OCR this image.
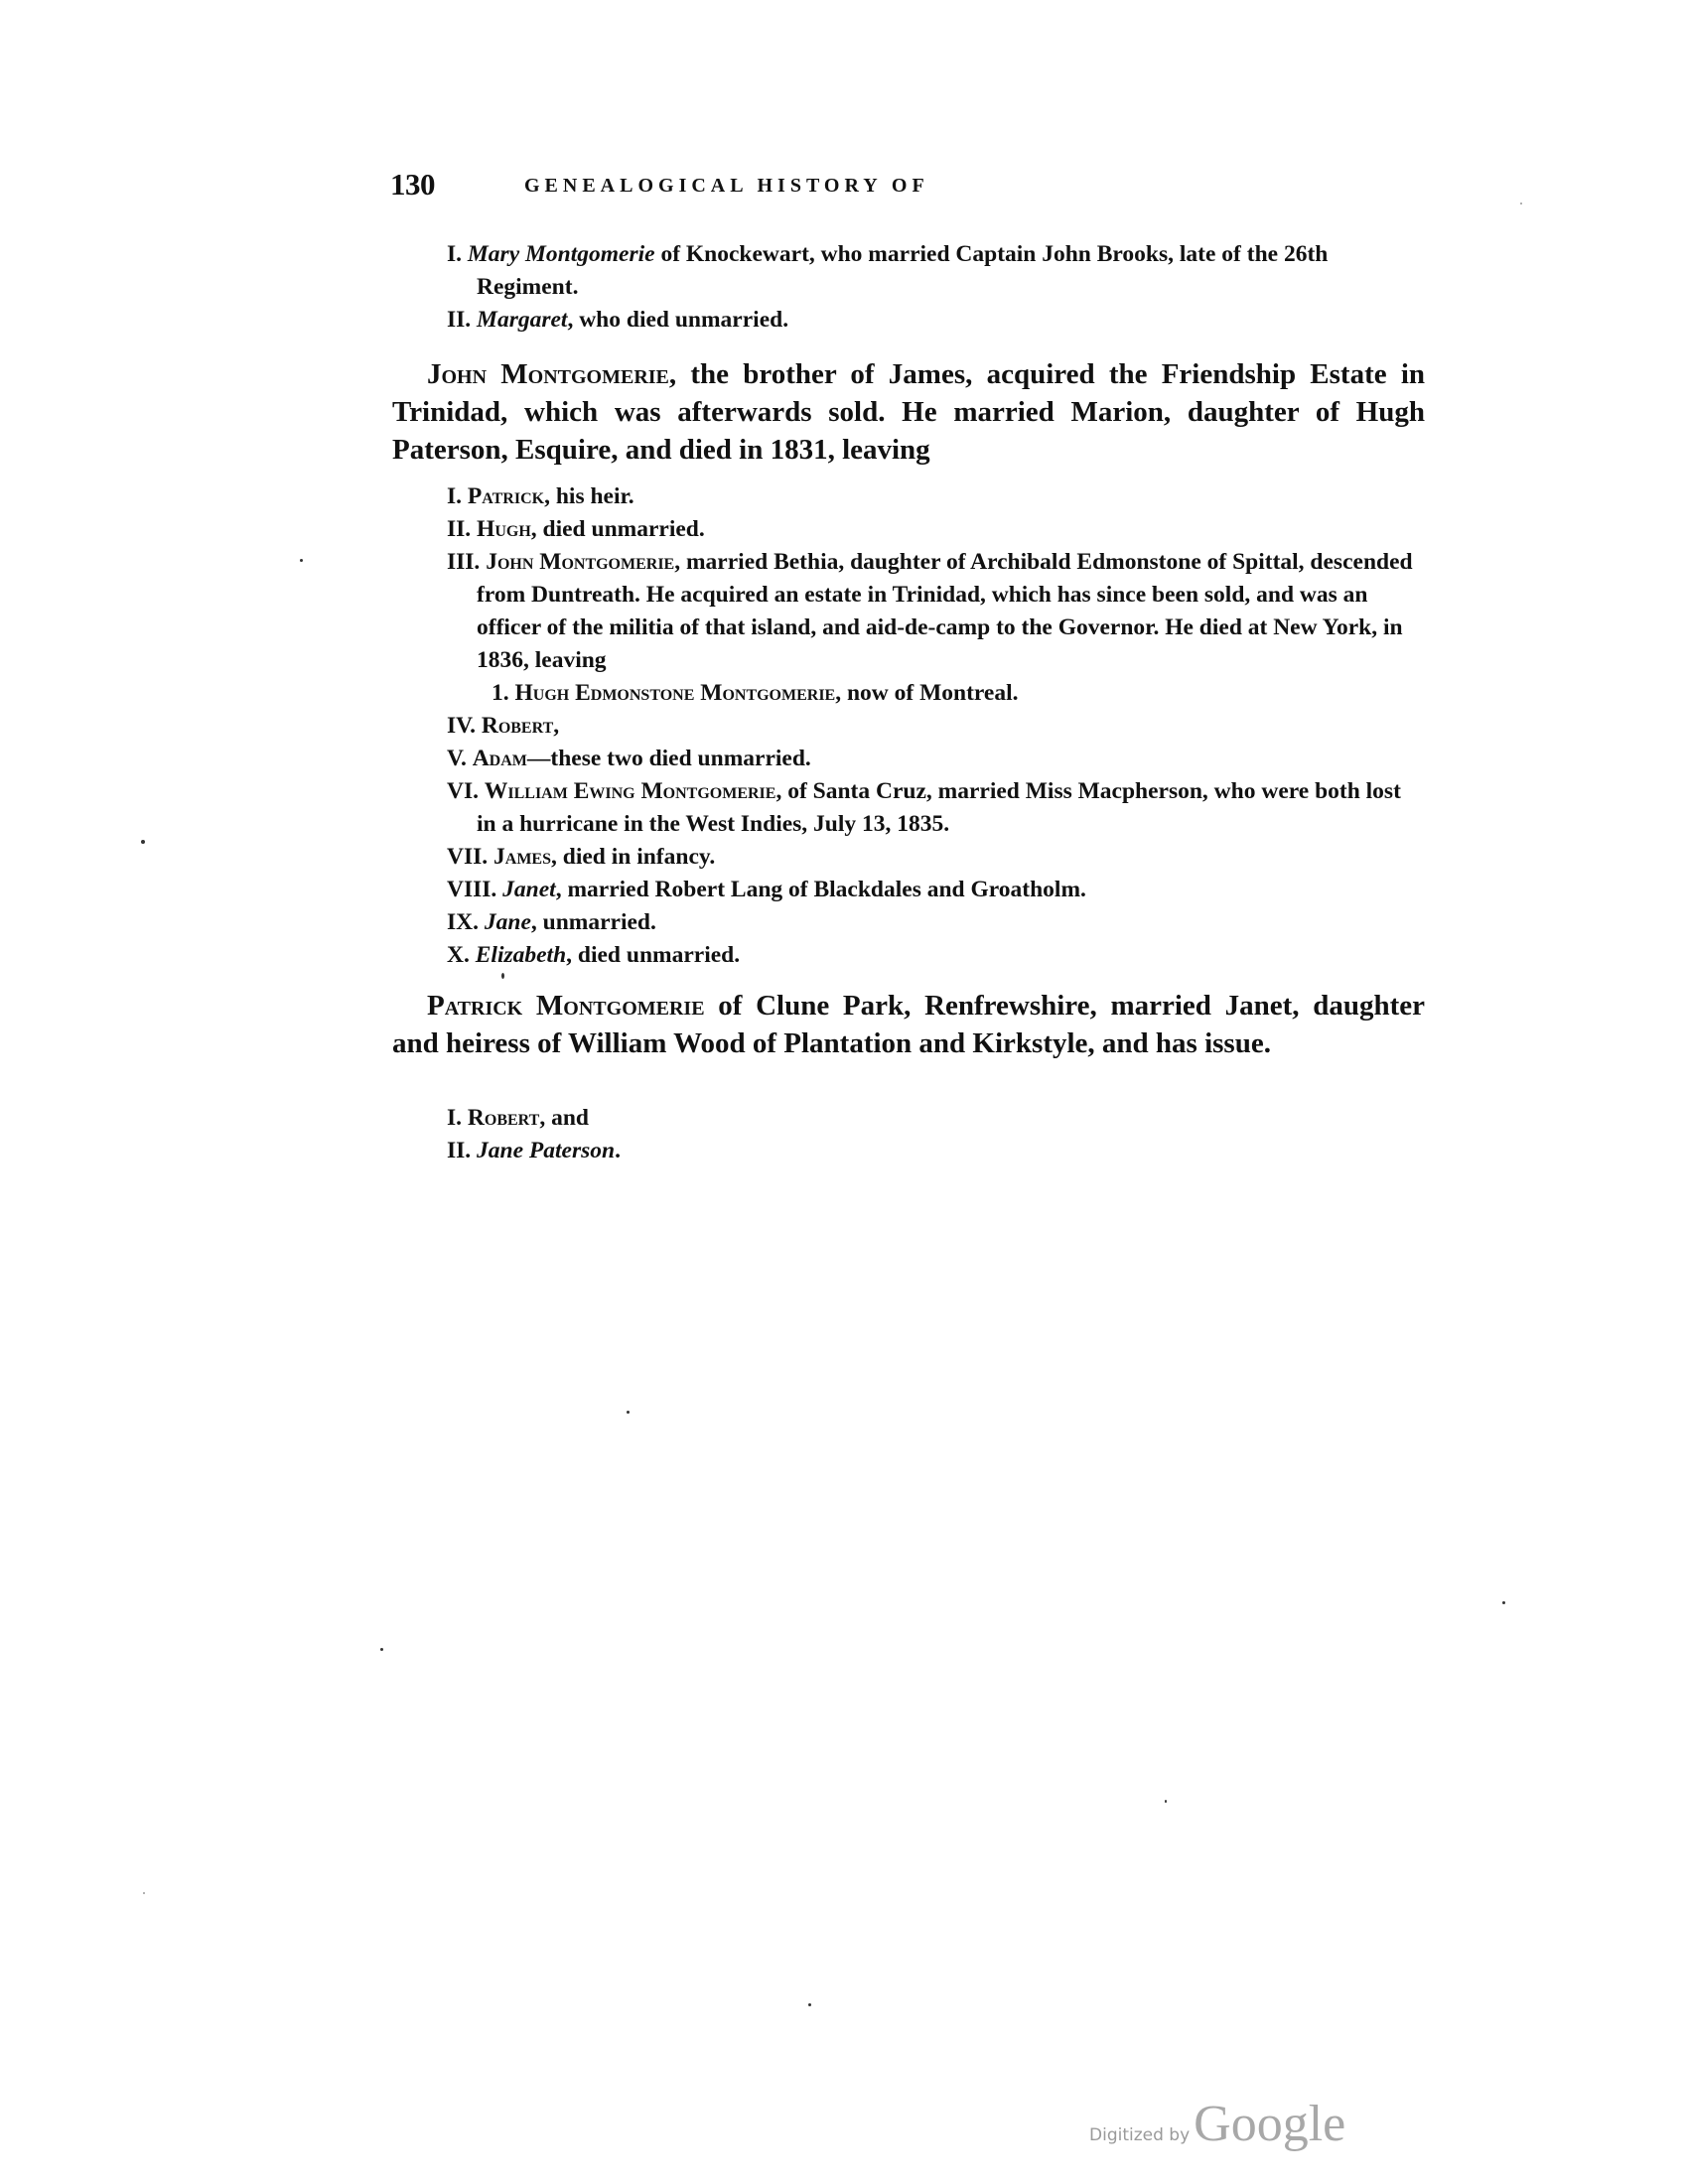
130	GENEALOGICAL HISTORY OF
I. Mary Montgomerie of Knockewart, who married Captain John Brooks, late of the 26th Regiment.
II. Margaret, who died unmarried.

John Montgomerie, the brother of James, acquired the Friendship Estate in Trinidad, which was afterwards sold. He married Marion, daughter of Hugh Paterson, Esquire, and died in 1831, leaving

I. Patrick, his heir.
II. Hugh, died unmarried.
III. John Montgomerie, married Bethia, daughter of Archibald Edmonstone of Spittal, descended from Duntreath. He acquired an estate in Trinidad, which has since been sold, and was an officer of the militia of that island, and aid-de-camp to the Governor. He died at New York, in 1836, leaving
1. Hugh Edmonstone Montgomerie, now of Montreal.
IV. Robert,
V. Adam—these two died unmarried.
VI. William Ewing Montgomerie, of Santa Cruz, married Miss Macpherson, who were both lost in a hurricane in the West Indies, July 13, 1835.
VII. James, died in infancy.
VIII. Janet, married Robert Lang of Blackdales and Groatholm.
IX. Jane, unmarried.
X. Elizabeth, died unmarried.

Patrick Montgomerie of Clune Park, Renfrewshire, married Janet, daughter and heiress of William Wood of Plantation and Kirkstyle, and has issue.

I. Robert, and
II. Jane Paterson.
Digitized byGoogle
